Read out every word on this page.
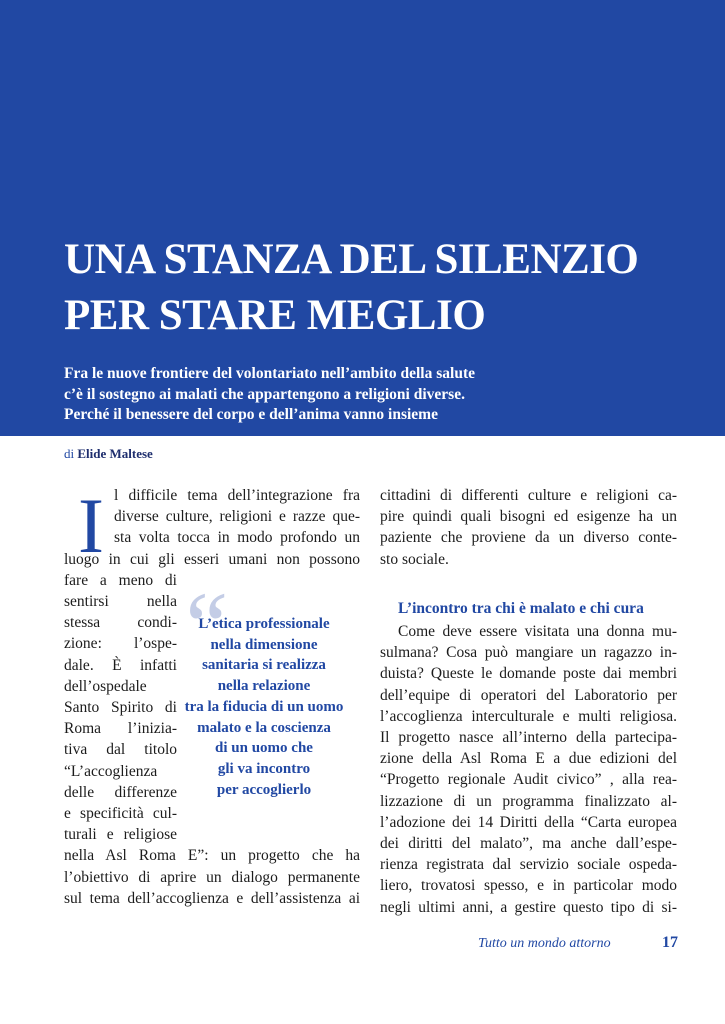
UNA STANZA DEL SILENZIO
PER STARE MEGLIO

Fra le nuove frontiere del volontariato nell’ambito della salute
c’è il sostegno ai malati che appartengono a religioni diverse.
Perché il benessere del corpo e dell’anima vanno insieme

di Elide Maltese
I l difficile tema dell’integrazione fra
diverse culture, religioni e razze que-
sta volta tocca in modo profondo un
luogo in cui gli esseri umani non possono
fare a meno di
sentirsi nella
stessa condi-
zione: l’ospe-
dale. È infatti
dell’ospedale
Santo Spirito di
Roma l’inizia-
tiva dal titolo
“L’accoglienza
delle differenze
e specificità cul-
turali e religiose
nella Asl Roma E”: un progetto che ha
l’obiettivo di aprire un dialogo permanente
sul tema dell’accoglienza e dell’assistenza ai
“
L’etica professionale
nella dimensione
sanitaria si realizza
nella relazione
tra la fiducia di un uomo
malato e la coscienza
di un uomo che
gli va incontro
per accoglierlo
cittadini di differenti culture e religioni ca-
pire quindi quali bisogni ed esigenze ha un
paziente che proviene da un diverso conte-
sto sociale.
L’incontro tra chi è malato e chi cura
Come deve essere visitata una donna mu-
sulmana? Cosa può mangiare un ragazzo in-
duista? Queste le domande poste dai membri
dell’equipe di operatori del Laboratorio per
l’accoglienza interculturale e multi religiosa.
Il progetto nasce all’interno della partecipa-
zione della Asl Roma E a due edizioni del
“Progetto regionale Audit civico” , alla rea-
lizzazione di un programma finalizzato al-
l’adozione dei 14 Diritti della “Carta europea
dei diritti del malato”, ma anche dall’espe-
rienza registrata dal servizio sociale ospeda-
liero, trovatosi spesso, e in particolar modo
negli ultimi anni, a gestire questo tipo di si-
Tutto un mondo attorno	17
